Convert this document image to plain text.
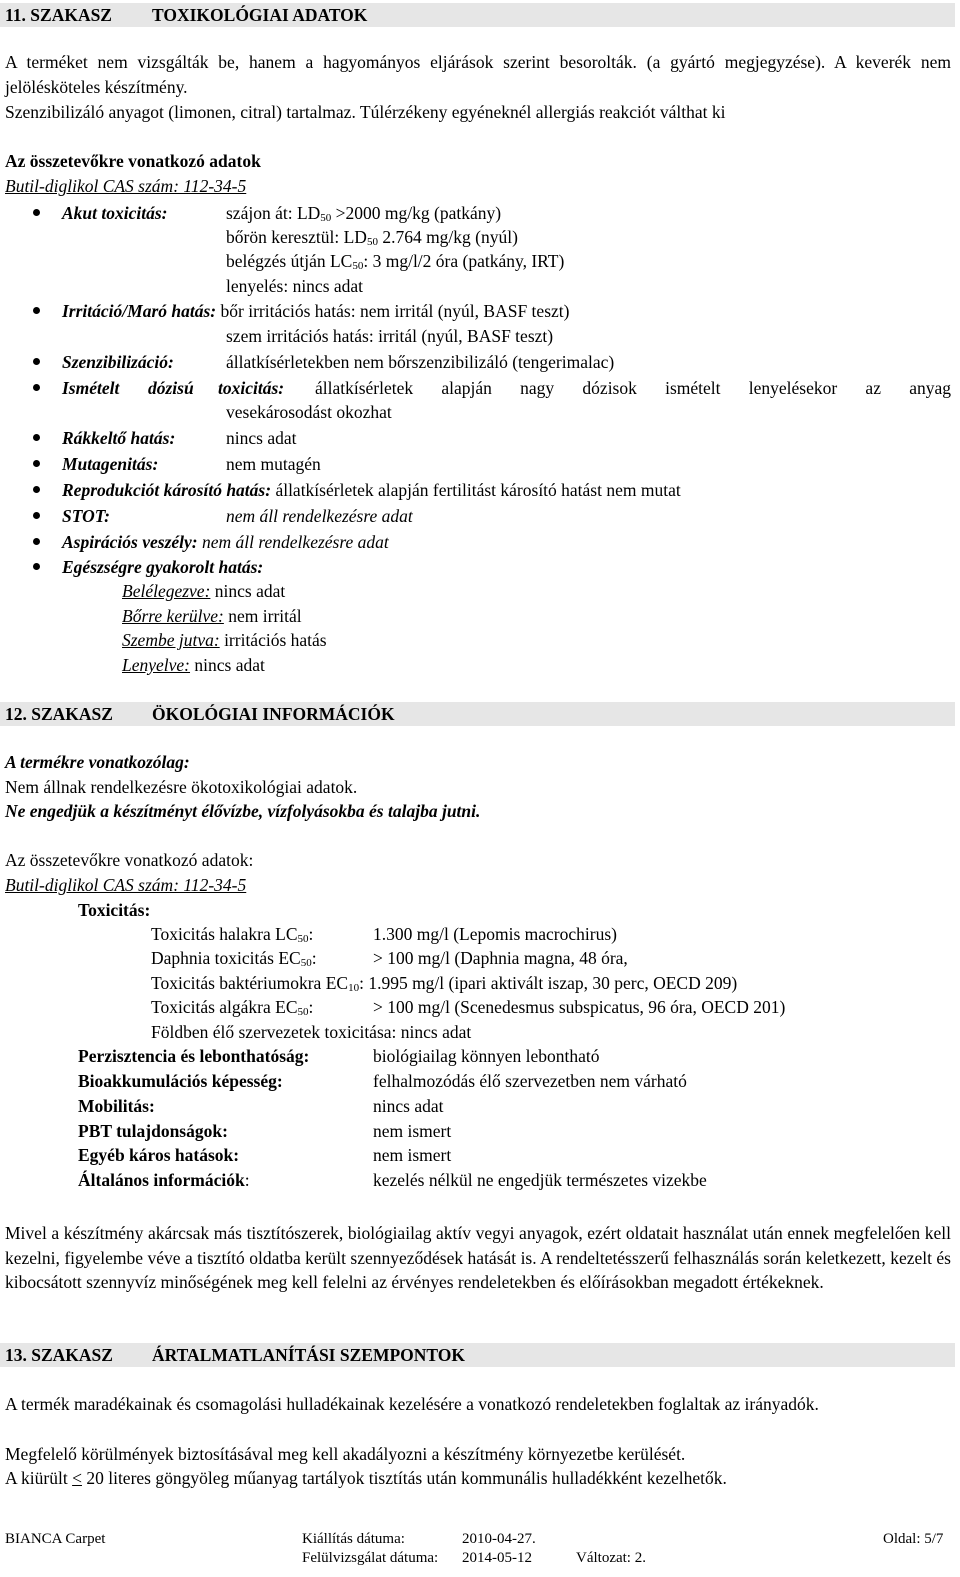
11. SZAKASZ TOXIKOLÓGIAI ADATOK
A terméket nem vizsgálták be, hanem a hagyományos eljárások szerint besorolták. (a gyártó megjegyzése). A keverék nem jelölésköteles készítmény.
Szenzibilizáló anyagot (limonen, citral) tartalmaz. Túlérzékeny egyéneknél allergiás reakciót válthat ki
Az összetevőkre vonatkozó adatok
Butil-diglikol CAS szám: 112-34-5
Akut toxicitás:	szájon át: $LD_{50} >2000$ mg/kg (patkány)
bőrön keresztül: $LD_{50}$ 2.764 mg/kg (nyúl)
belégzés útján $LC_{50}$: 3 mg/l/2 óra (patkány, IRT)
lenyelés: nincs adat
Irritáció/Maró hatás: bőr irritációs hatás: nem irritál (nyúl, BASF teszt)
szem irritációs hatás: irritál (nyúl, BASF teszt)
Szenzibilizáció:	állatkísérletekben nem bőrszenzibilizáló (tengerimalac)
Ismételt dózisú toxicitás: állatkísérletek alapján nagy dózisok ismételt lenyelésekor az anyag
vesekárosodást okozhat
Rákkeltő hatás:	nincs adat
Mutagenitás:	nem mutagén
Reprodukciót károsító hatás: állatkísérletek alapján fertilitást károsító hatást nem mutat
STOT:	nem áll rendelkezésre adat
Aspirációs veszély: nem áll rendelkezésre adat
Egészségre gyakorolt hatás:
Belélegezve: nincs adat
Bőrre kerülve: nem irritál
Szembe jutva: irritációs hatás
Lenyelve: nincs adat
12. SZAKASZ ÖKOLÓGIAI INFORMÁCIÓK
A termékre vonatkozólag:
Nem állnak rendelkezésre ökotoxikológiai adatok.
Ne engedjük a készítményt élővízbe, vízfolyásokba és talajba jutni.
Az összetevőkre vonatkozó adatok:
Butil-diglikol CAS szám: 112-34-5
Toxicitás:
Toxicitás halakra $LC_{50}$:	1.300 mg/l (Lepomis macrochirus)
Daphnia toxicitás $EC_{50}$:	> 100 mg/l (Daphnia magna, 48 óra,
Toxicitás baktériumokra $EC_{10}$: 1.995 mg/l (ipari aktivált iszap, 30 perc, OECD 209)
Toxicitás algákra $EC_{50}$:	> 100 mg/l (Scenedesmus subspicatus, 96 óra, OECD 201)
Földben élő szervezetek toxicitása: nincs adat
Perzisztencia és lebonthatóság:	biológiailag könnyen lebontható
Bioakkumulációs képesség:	felhalmozódás élő szervezetben nem várható
Mobilitás:	nincs adat
PBT tulajdonságok:	nem ismert
Egyéb káros hatások:	nem ismert
Általános információk:	kezelés nélkül ne engedjük természetes vizekbe
Mivel a készítmény akárcsak más tisztítószerek, biológiailag aktív vegyi anyagok, ezért oldatait használat után ennek megfelelően kell kezelni, figyelembe véve a tisztító oldatba került szennyeződések hatását is. A rendeltetésszerű felhasználás során keletkezett, kezelt és kibocsátott szennyvíz minőségének meg kell felelni az érvényes rendeletekben és előírásokban megadott értékeknek.
13. SZAKASZ ÁRTALMATLANÍTÁSI SZEMPONTOK
A termék maradékainak és csomagolási hulladékainak kezelésére a vonatkozó rendeletekben foglaltak az irányadók.
Megfelelő körülmények biztosításával meg kell akadályozni a készítmény környezetbe kerülését.
A kiürült ≤ 20 literes göngyöleg műanyag tartályok tisztítás után kommunális hulladékként kezelhetők.
BIANCA Carpet	Kiállítás dátuma:	2010-04-27.	Oldal: 5/7
Felülvizsgálat dátuma: 2014-05-12	Változat: 2.
